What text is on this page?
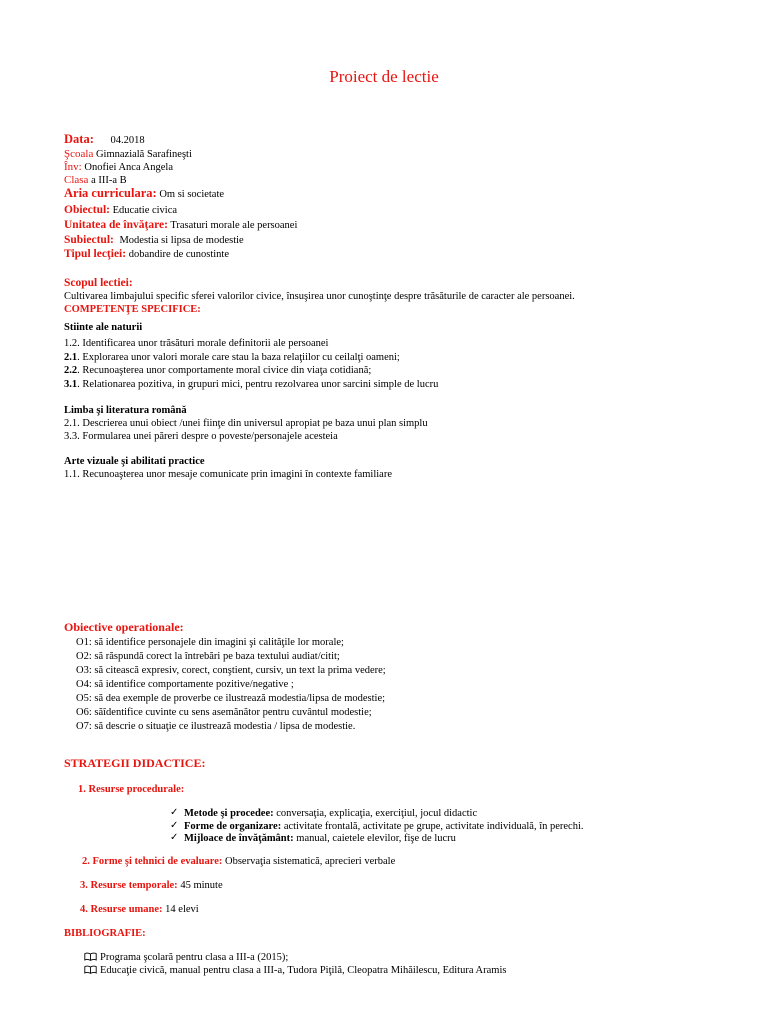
Proiect de lectie
Data: 04.2018
Şcoala Gimnazială Sarafineşti
Înv: Onofiei Anca Angela
Clasa a III-a B
Aria curriculara: Om si societate
Obiectul: Educatie civica
Unitatea de învăţare: Trasaturi morale ale persoanei
Subiectul: Modestia si lipsa de modestie
Tipul lecţiei: dobandire de cunostinte
Scopul lectiei:
Cultivarea limbajului specific sferei valorilor civice, însuşirea unor cunoştinţe despre trăsăturile de caracter ale persoanei.
COMPETENŢE SPECIFICE:
Stiinte ale naturii
1.2. Identificarea unor trăsături morale definitorii ale persoanei
2.1. Explorarea unor valori morale care stau la baza relaţiilor cu ceilalţi oameni;
2.2. Recunoaşterea unor comportamente moral civice din viaţa cotidiană;
3.1. Relationarea pozitiva, in grupuri mici, pentru rezolvarea unor sarcini simple de lucru
Limba şi literatura română
2.1. Descrierea unui obiect /unei fiinţe din universul apropiat pe baza unui plan simplu
3.3. Formularea unei păreri despre o poveste/personajele acesteia
Arte vizuale şi abilitati practice
1.1. Recunoaşterea unor mesaje comunicate prin imagini în contexte familiare
Obiective operationale:
O1: să identifice personajele din imagini şi calităţile lor morale;
O2: să răspundă corect la întrebări pe baza textului audiat/citit;
O3: să citească expresiv, corect, conştient, cursiv, un text la prima vedere;
O4: să identifice comportamente pozitive/negative ;
O5: să dea exemple de proverbe ce ilustrează modestia/lipsa de modestie;
O6: săîdentifice cuvinte cu sens asemănător pentru cuvântul modestie;
O7: să descrie o situaţie ce ilustrează modestia / lipsa de modestie.
STRATEGII DIDACTICE:
1. Resurse procedurale:
✓ Metode şi procedee: conversaţia, explicaţia, exerciţiul, jocul didactic
✓ Forme de organizare: activitate frontală, activitate pe grupe, activitate individuală, în perechi.
✓ Mijloace de învăţământ: manual, caietele elevilor, fişe de lucru
2. Forme şi tehnici de evaluare: Observaţia sistematică, aprecieri verbale
3. Resurse temporale: 45 minute
4. Resurse umane: 14 elevi
BIBLIOGRAFIE:
Programa şcolară pentru clasa a III-a (2015);
Educaţie civică, manual pentru clasa a III-a, Tudora Piţilă, Cleopatra Mihăilescu, Editura Aramis
